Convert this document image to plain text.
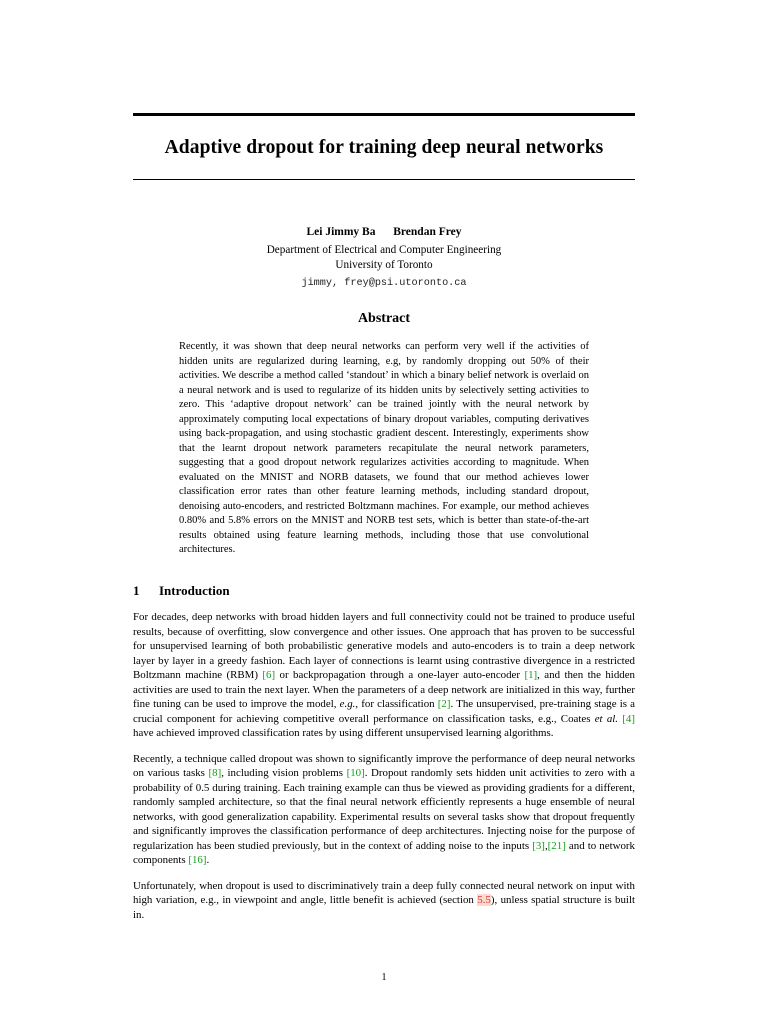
Adaptive dropout for training deep neural networks
Lei Jimmy Ba Brendan Frey
Department of Electrical and Computer Engineering
University of Toronto
jimmy, frey@psi.utoronto.ca
Abstract
Recently, it was shown that deep neural networks can perform very well if the activities of hidden units are regularized during learning, e.g, by randomly dropping out 50% of their activities. We describe a method called ‘standout’ in which a binary belief network is overlaid on a neural network and is used to regularize of its hidden units by selectively setting activities to zero. This ‘adaptive dropout network’ can be trained jointly with the neural network by approximately computing local expectations of binary dropout variables, computing derivatives using back-propagation, and using stochastic gradient descent. Interestingly, experiments show that the learnt dropout network parameters recapitulate the neural network parameters, suggesting that a good dropout network regularizes activities according to magnitude. When evaluated on the MNIST and NORB datasets, we found that our method achieves lower classification error rates than other feature learning methods, including standard dropout, denoising auto-encoders, and restricted Boltzmann machines. For example, our method achieves 0.80% and 5.8% errors on the MNIST and NORB test sets, which is better than state-of-the-art results obtained using feature learning methods, including those that use convolutional architectures.
1 Introduction

For decades, deep networks with broad hidden layers and full connectivity could not be trained to produce useful results, because of overfitting, slow convergence and other issues. One approach that has proven to be successful for unsupervised learning of both probabilistic generative models and auto-encoders is to train a deep network layer by layer in a greedy fashion. Each layer of connections is learnt using contrastive divergence in a restricted Boltzmann machine (RBM) [6] or backpropagation through a one-layer auto-encoder [1], and then the hidden activities are used to train the next layer. When the parameters of a deep network are initialized in this way, further fine tuning can be used to improve the model, e.g., for classification [2]. The unsupervised, pre-training stage is a crucial component for achieving competitive overall performance on classification tasks, e.g., Coates et al. [4] have achieved improved classification rates by using different unsupervised learning algorithms.

Recently, a technique called dropout was shown to significantly improve the performance of deep neural networks on various tasks [8], including vision problems [10]. Dropout randomly sets hidden unit activities to zero with a probability of 0.5 during training. Each training example can thus be viewed as providing gradients for a different, randomly sampled architecture, so that the final neural network efficiently represents a huge ensemble of neural networks, with good generalization capability. Experimental results on several tasks show that dropout frequently and significantly improves the classification performance of deep architectures. Injecting noise for the purpose of regularization has been studied previously, but in the context of adding noise to the inputs [3],[21] and to network components [16].

Unfortunately, when dropout is used to discriminatively train a deep fully connected neural network on input with high variation, e.g., in viewpoint and angle, little benefit is achieved (section 5.5), unless spatial structure is built in.

1
